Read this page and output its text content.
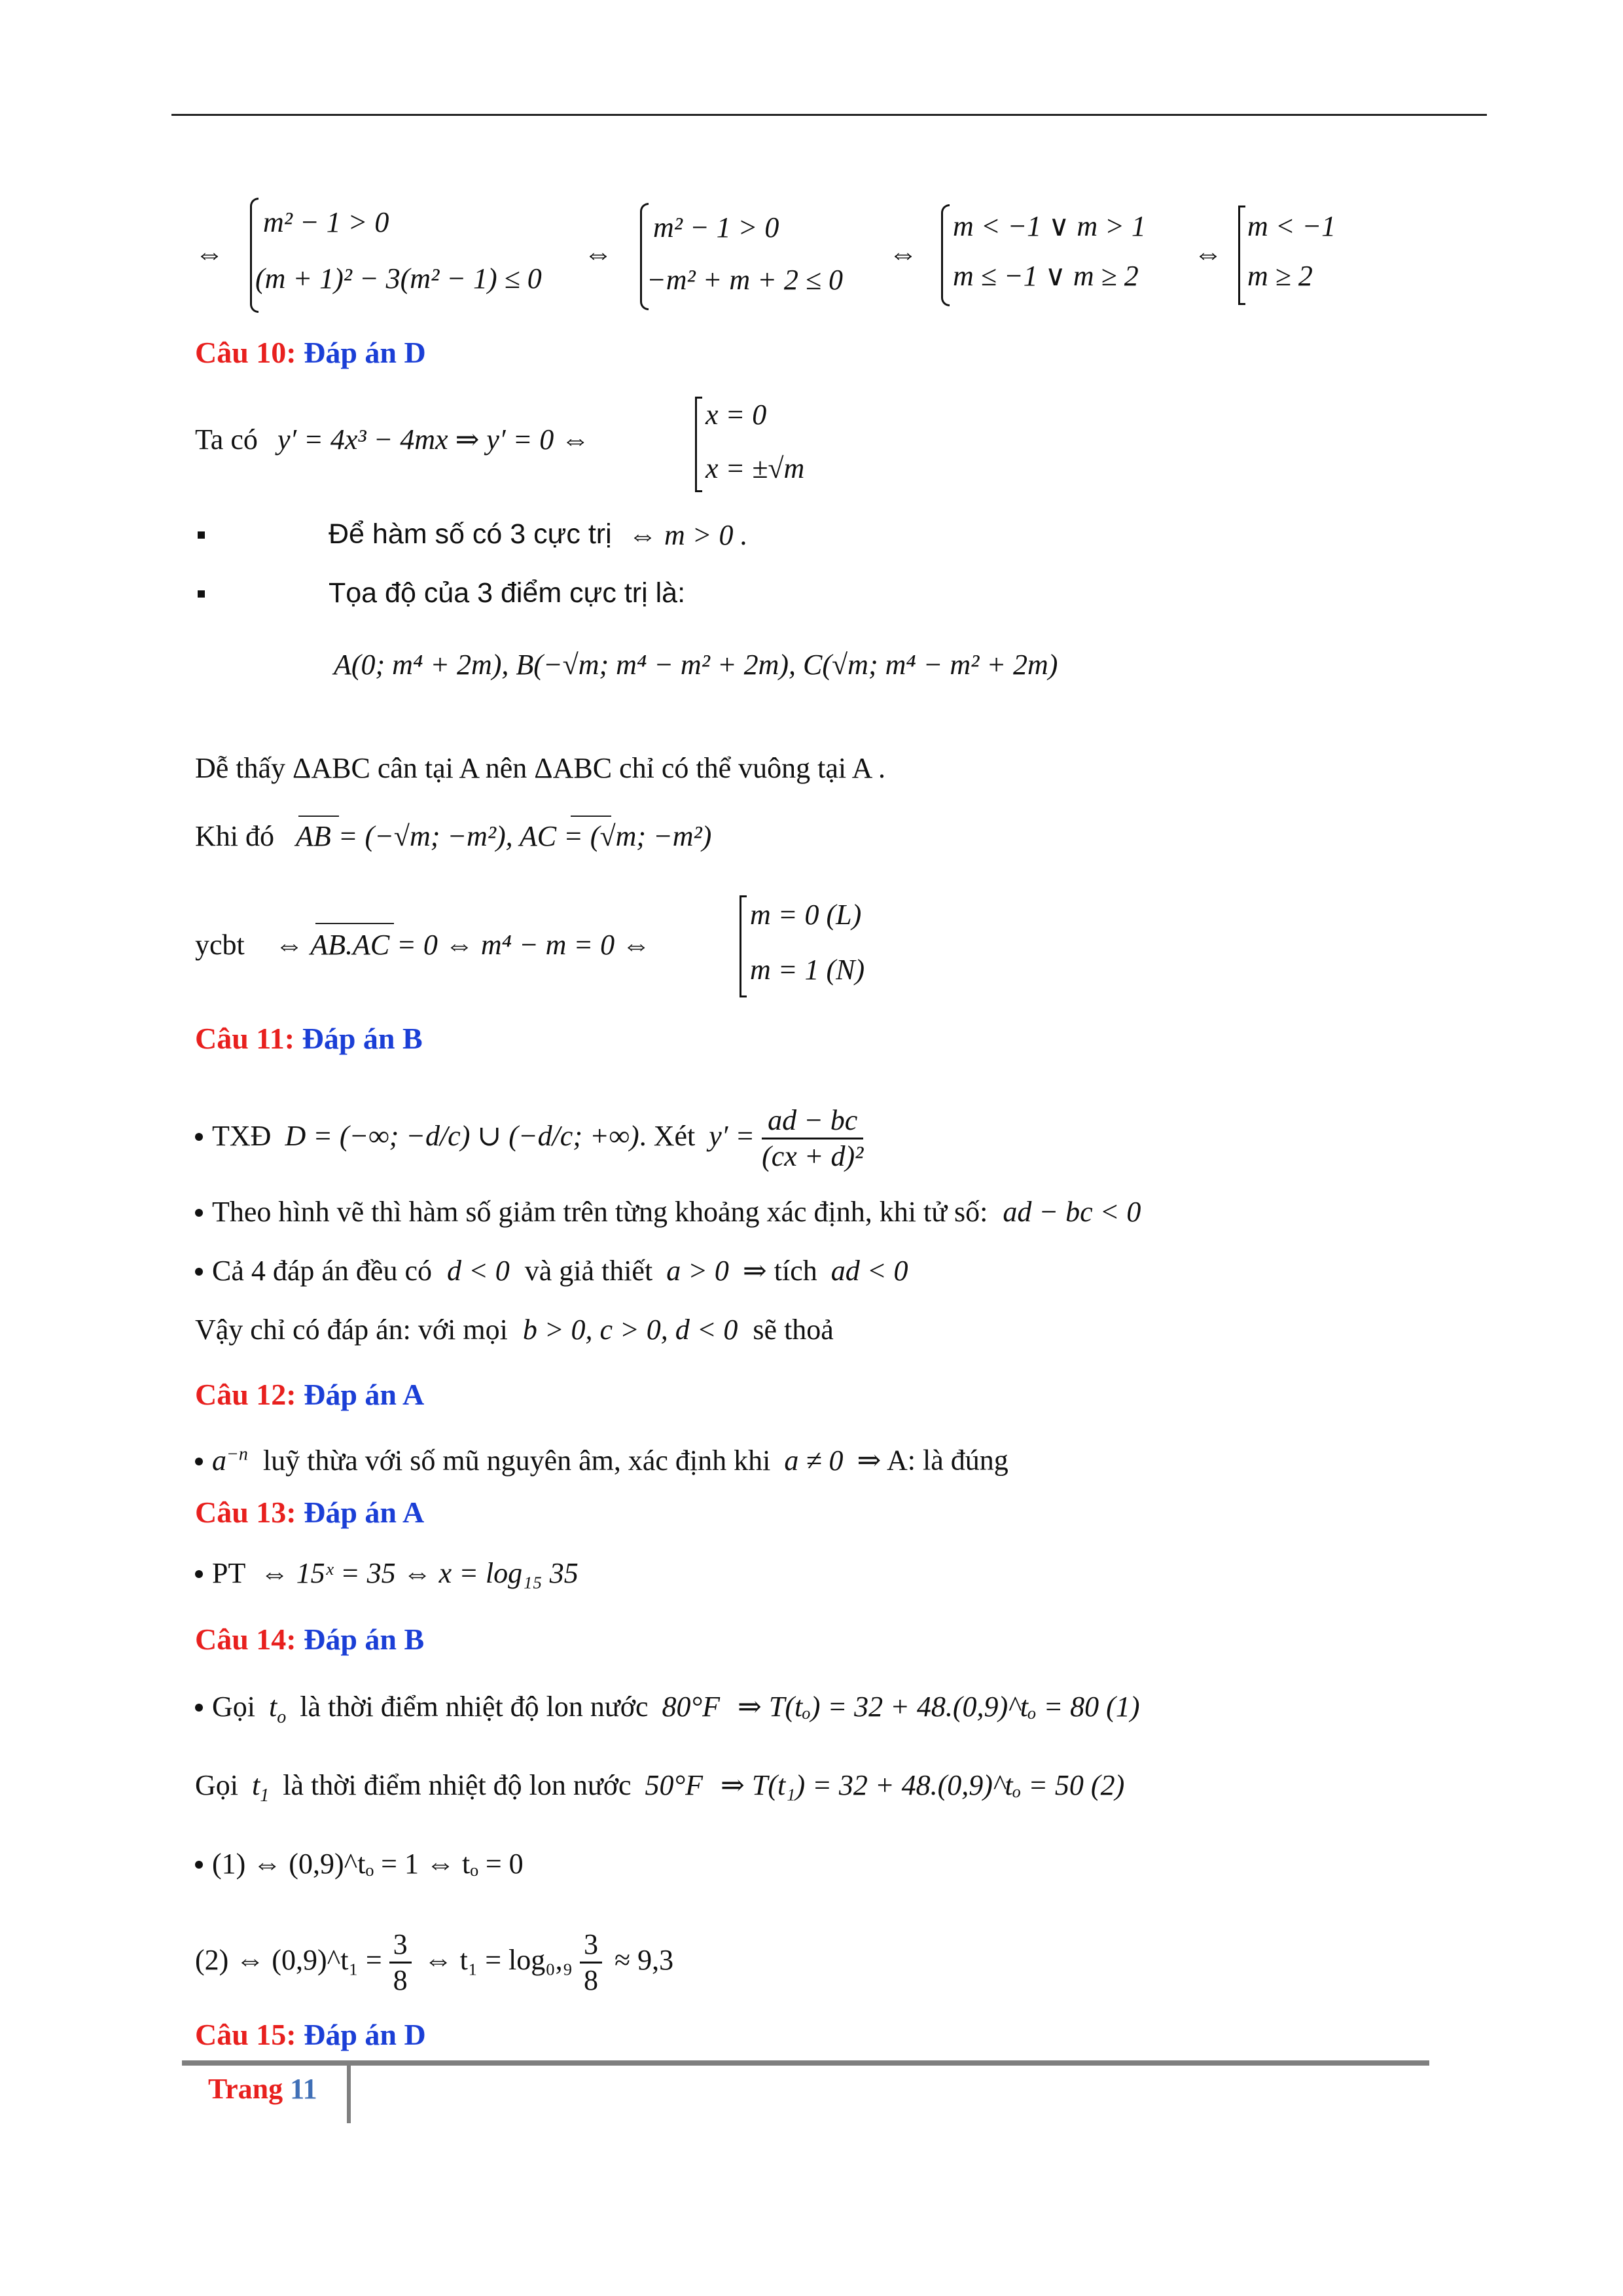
⇔
m² − 1 > 0
(m + 1)² − 3(m² − 1) ≤ 0
⇔
m² − 1 > 0
−m² + m + 2 ≤ 0
⇔
m < −1 ∨ m > 1
m ≤ −1 ∨ m ≥ 2
⇔
m < −1
m ≥ 2
Câu 10: Đáp án D
Ta có y′ = 4x³ − 4mx ⇒ y′ = 0 ⇔
x = 0
x = ±√m
Để hàm số có 3 cực trị ⇔ m > 0 .
Tọa độ của 3 điểm cực trị là:
A(0; m⁴ + 2m), B(−√m; m⁴ − m² + 2m), C(√m; m⁴ − m² + 2m)
Dễ thấy ΔABC cân tại A nên ΔABC chỉ có thể vuông tại A .
Khi đó AB = (−√m; −m²), AC = (√m; −m²)
ycbt ⇔ AB.AC = 0 ⇔ m⁴ − m = 0 ⇔
m = 0 (L)
m = 1 (N)
Câu 11: Đáp án B
TXĐ D = (−∞; −d/c) ∪ (−d/c; +∞). Xét $y' = \frac{ad - bc}{\text{(cx + d)²}}$
Theo hình vẽ thì hàm số giảm trên từng khoảng xác định, khi tử số: ad − bc < 0
Cả 4 đáp án đều có d < 0 và giả thiết a > 0 ⇒ tích ad < 0
Vậy chỉ có đáp án: với mọi b > 0, c > 0, d < 0 sẽ thoả
Câu 12: Đáp án A
$a^{-n}$ luỹ thừa với số mũ nguyên âm, xác định khi a ≠ 0 ⇒ A: là đúng
Câu 13: Đáp án A
PT ⇔ 15ˣ = 35 ⇔ x = log₁₅ 35
Câu 14: Đáp án B
Gọi $t_o$ là thời điểm nhiệt độ lon nước 80°F ⇒ T(tₒ) = 32 + 48.(0,9)^tₒ = 80 (1)
Gọi $t_1$ là thời điểm nhiệt độ lon nước 50°F ⇒ T(t₁) = 32 + 48.(0,9)^tₒ = 50 (2)
(1) ⇔ (0,9)^tₒ = 1 ⇔ tₒ = 0
(2) ⇔ (0,9)^t₁ = $\frac{3}{8}$ ⇔ $t_1 = \log_0,_9 \frac{3}{8} \approx 9,3$
Câu 15: Đáp án D
Trang 11
